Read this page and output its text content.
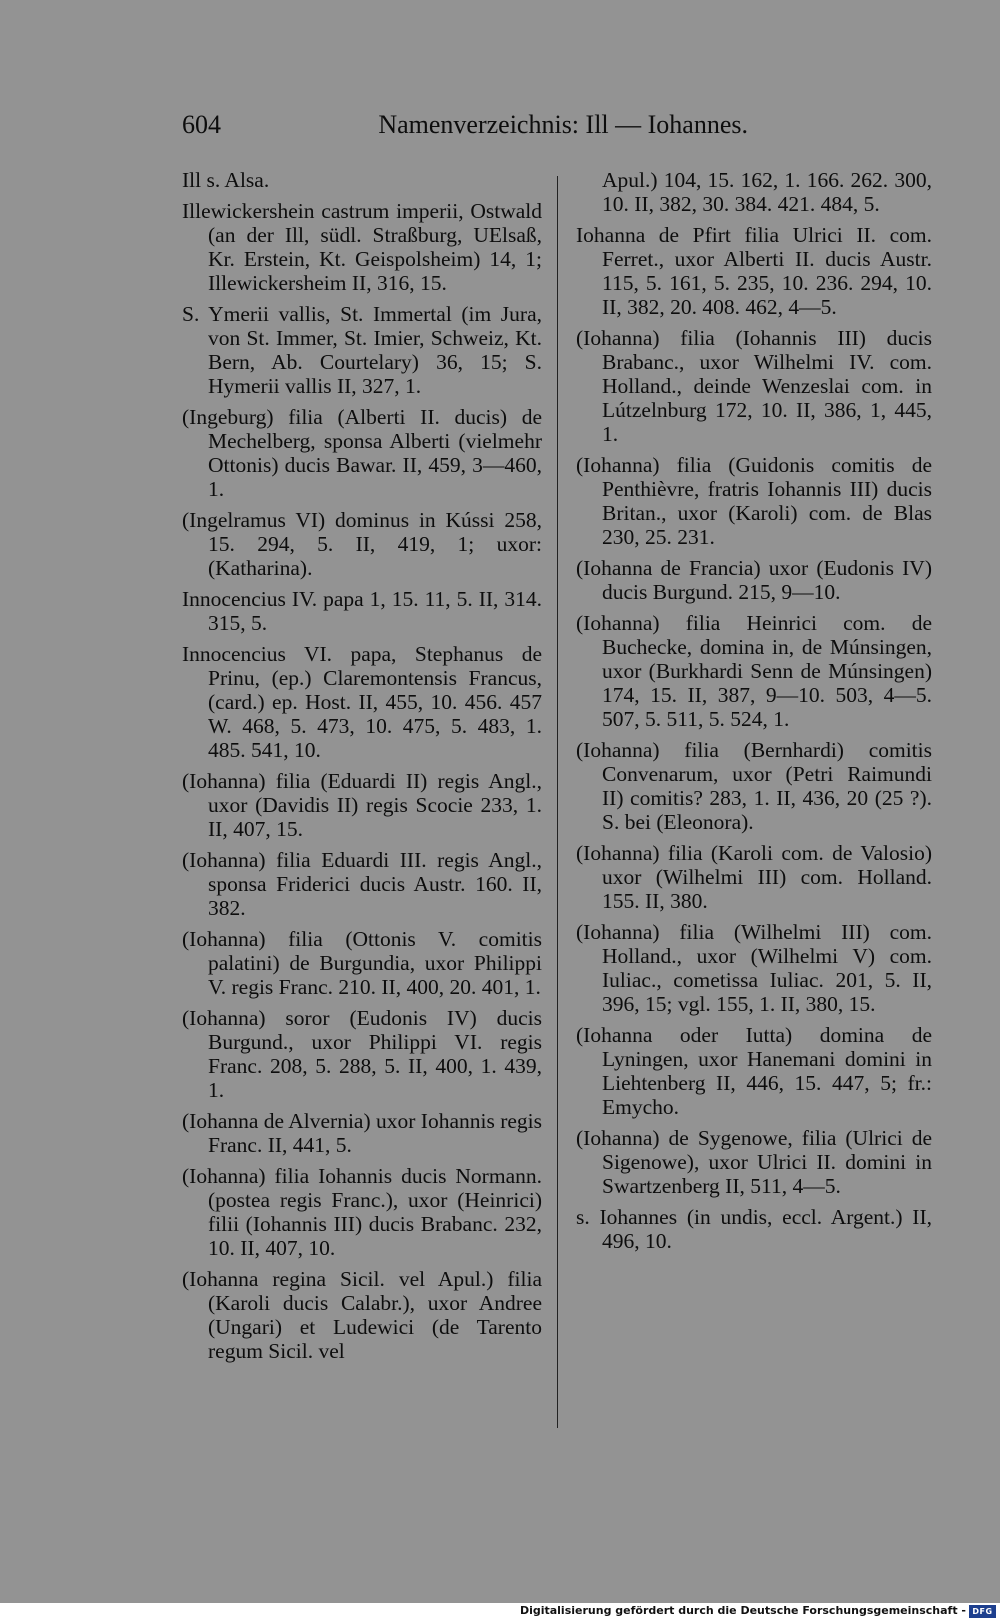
604	Namenverzeichnis: Ill — Iohannes.

Ill s. Alsa.

Illewickershein castrum imperii, Ostwald (an der Ill, südl. Straßburg, UElsaß, Kr. Erstein, Kt. Geispolsheim) 14, 1; Illewickersheim II, 316, 15.

S. Ymerii vallis, St. Immertal (im Jura, von St. Immer, St. Imier, Schweiz, Kt. Bern, Ab. Courtelary) 36, 15; S. Hymerii vallis II, 327, 1.

(Ingeburg) filia (Alberti II. ducis) de Mechelberg, sponsa Alberti (vielmehr Ottonis) ducis Bawar. II, 459, 3—460, 1.

(Ingelramus VI) dominus in Kússi 258, 15. 294, 5. II, 419, 1; uxor: (Katharina).

Innocencius IV. papa 1, 15. 11, 5. II, 314. 315, 5.

Innocencius VI. papa, Stephanus de Prinu, (ep.) Claremontensis Francus, (card.) ep. Host. II, 455, 10. 456. 457 W. 468, 5. 473, 10. 475, 5. 483, 1. 485. 541, 10.

(Iohanna) filia (Eduardi II) regis Angl., uxor (Davidis II) regis Scocie 233, 1. II, 407, 15.

(Iohanna) filia Eduardi III. regis Angl., sponsa Friderici ducis Austr. 160. II, 382.

(Iohanna) filia (Ottonis V. comitis palatini) de Burgundia, uxor Philippi V. regis Franc. 210. II, 400, 20. 401, 1.

(Iohanna) soror (Eudonis IV) ducis Burgund., uxor Philippi VI. regis Franc. 208, 5. 288, 5. II, 400, 1. 439, 1.

(Iohanna de Alvernia) uxor Iohannis regis Franc. II, 441, 5.

(Iohanna) filia Iohannis ducis Normann. (postea regis Franc.), uxor (Heinrici) filii (Iohannis III) ducis Brabanc. 232, 10. II, 407, 10.

(Iohanna regina Sicil. vel Apul.) filia (Karoli ducis Calabr.), uxor Andree (Ungari) et Ludewici (de Tarento regum Sicil. vel

Apul.) 104, 15. 162, 1. 166. 262. 300, 10. II, 382, 30. 384. 421. 484, 5.

Iohanna de Pfirt filia Ulrici II. com. Ferret., uxor Alberti II. ducis Austr. 115, 5. 161, 5. 235, 10. 236. 294, 10. II, 382, 20. 408. 462, 4—5.

(Iohanna) filia (Iohannis III) ducis Brabanc., uxor Wilhelmi IV. com. Holland., deinde Wenzeslai com. in Lútzelnburg 172, 10. II, 386, 1, 445, 1.

(Iohanna) filia (Guidonis comitis de Penthièvre, fratris Iohannis III) ducis Britan., uxor (Karoli) com. de Blas 230, 25. 231.

(Iohanna de Francia) uxor (Eudonis IV) ducis Burgund. 215, 9—10.

(Iohanna) filia Heinrici com. de Buchecke, domina in, de Múnsingen, uxor (Burkhardi Senn de Múnsingen) 174, 15. II, 387, 9—10. 503, 4—5. 507, 5. 511, 5. 524, 1.

(Iohanna) filia (Bernhardi) comitis Convenarum, uxor (Petri Raimundi II) comitis? 283, 1. II, 436, 20 (25 ?). S. bei (Eleonora).

(Iohanna) filia (Karoli com. de Valosio) uxor (Wilhelmi III) com. Holland. 155. II, 380.

(Iohanna) filia (Wilhelmi III) com. Holland., uxor (Wilhelmi V) com. Iuliac., cometissa Iuliac. 201, 5. II, 396, 15; vgl. 155, 1. II, 380, 15.

(Iohanna oder Iutta) domina de Lyningen, uxor Hanemani domini in Liehtenberg II, 446, 15. 447, 5; fr.: Emycho.

(Iohanna) de Sygenowe, filia (Ulrici de Sigenowe), uxor Ulrici II. domini in Swartzenberg II, 511, 4—5.

s. Iohannes (in undis, eccl. Argent.) II, 496, 10.

Digitalisierung gefördert durch die Deutsche Forschungsgemeinschaft - DFG
